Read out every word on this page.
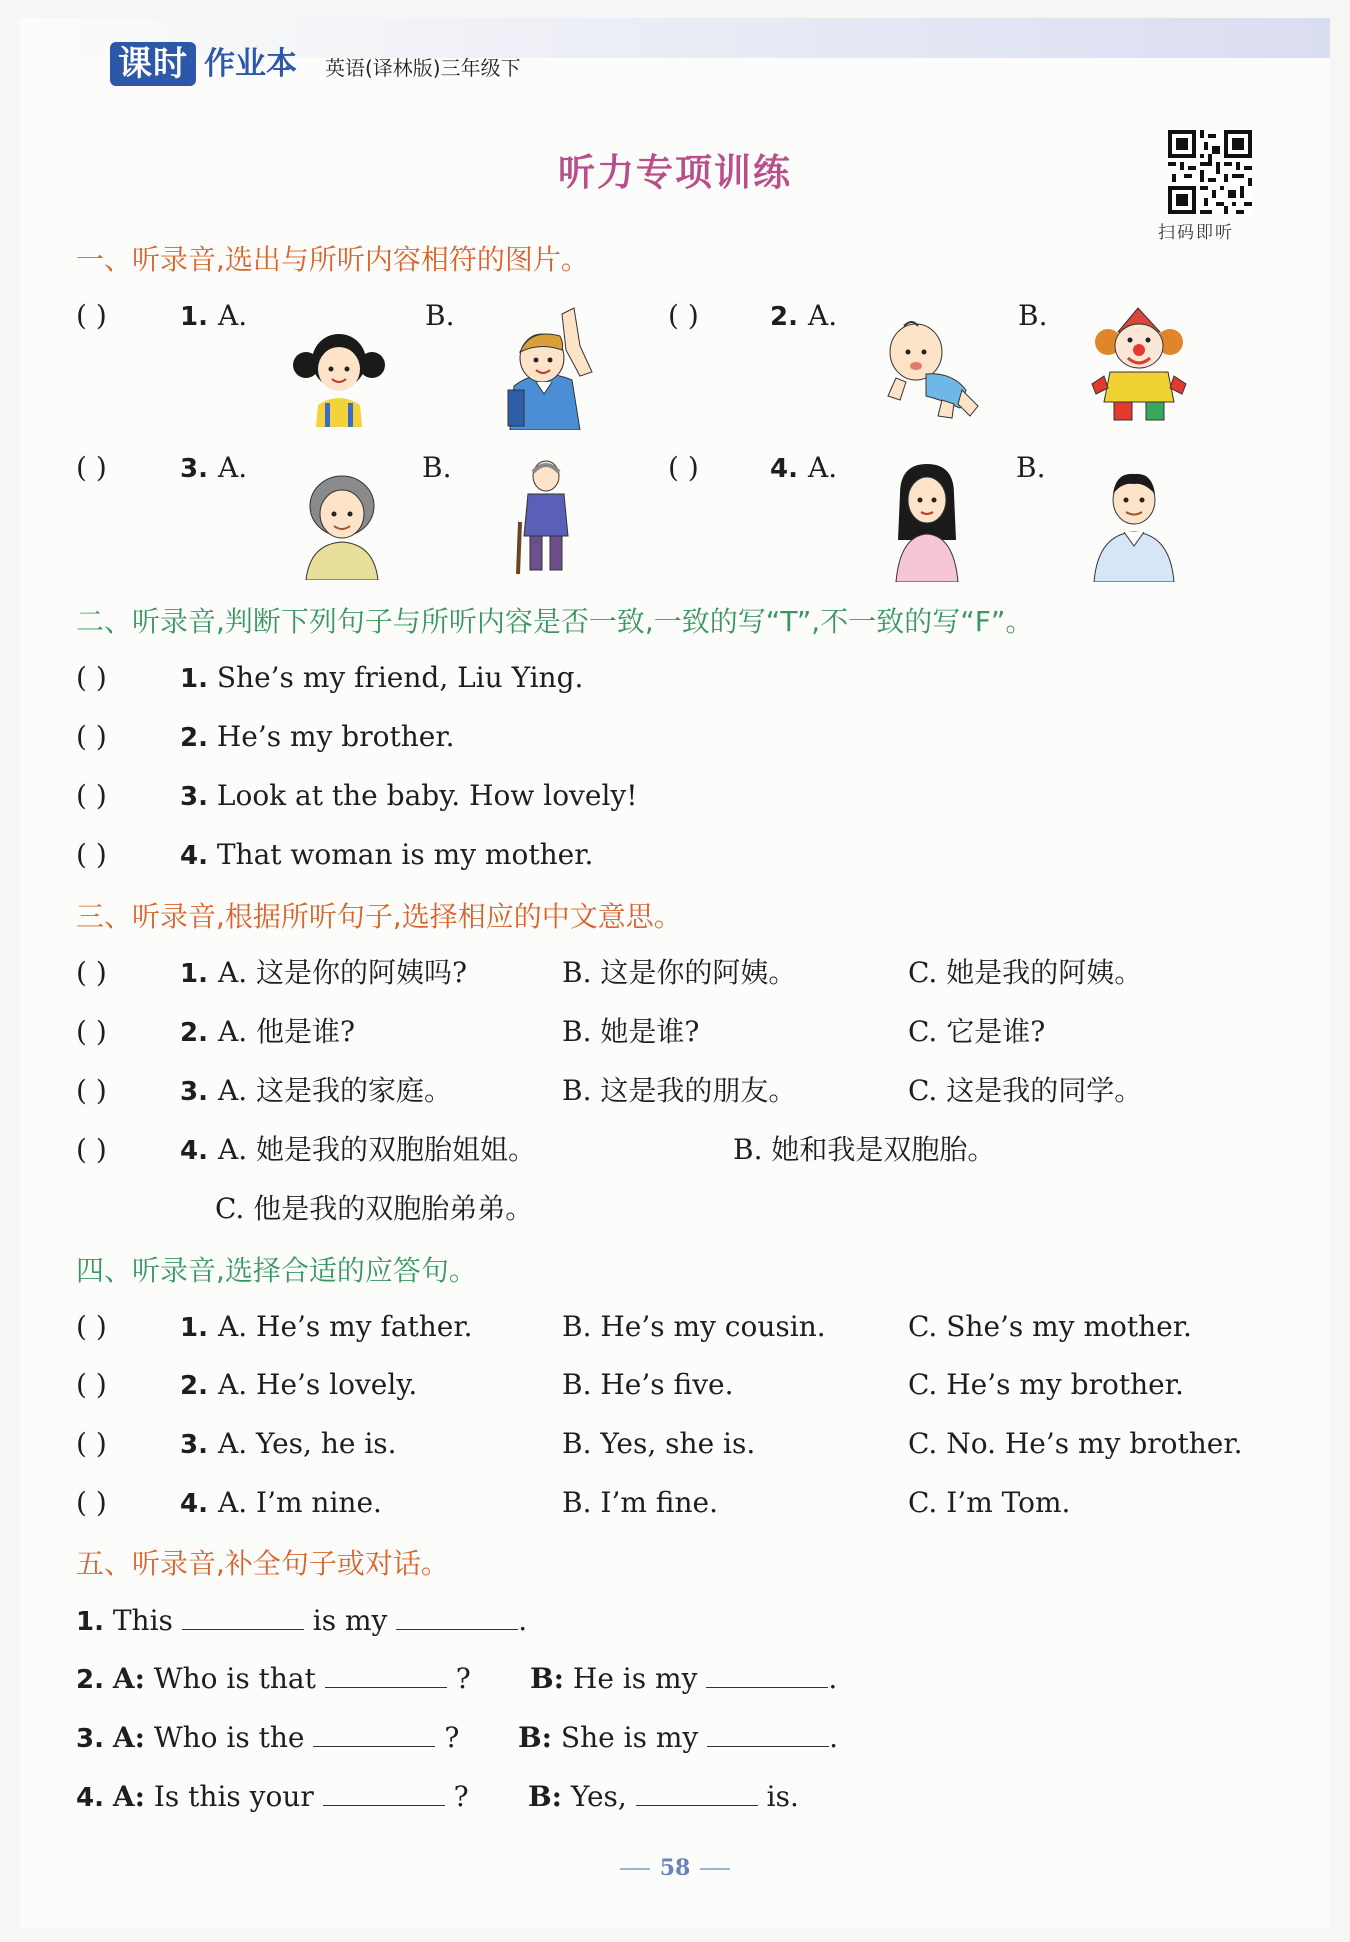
课时 作业本 英语(译林版)三年级下
听力专项训练
扫码即听
一、听录音,选出与所听内容相符的图片。
( )	1. A.	B.	( )	2. A.	B.
( )	3. A.	B.	( )	4. A.	B.
二、听录音,判断下列句子与所听内容是否一致,一致的写“T”,不一致的写“F”。
( )	1. She’s my friend, Liu Ying.
( )	2. He’s my brother.
( )	3. Look at the baby. How lovely!
( )	4. That woman is my mother.
三、听录音,根据所听句子,选择相应的中文意思。
( )	1. A. 这是你的阿姨吗?	B. 这是你的阿姨。	C. 她是我的阿姨。
( )	2. A. 他是谁?	B. 她是谁?	C. 它是谁?
( )	3. A. 这是我的家庭。	B. 这是我的朋友。	C. 这是我的同学。
( )	4. A. 她是我的双胞胎姐姐。	B. 她和我是双胞胎。
C. 他是我的双胞胎弟弟。
四、听录音,选择合适的应答句。
( )	1. A. He’s my father.	B. He’s my cousin.	C. She’s my mother.
( )	2. A. He’s lovely.	B. He’s five.	C. He’s my brother.
( )	3. A. Yes, he is.	B. Yes, she is.	C. No. He’s my brother.
( )	4. A. I’m nine.	B. I’m fine.	C. I’m Tom.
五、听录音,补全句子或对话。
1. This	is my	.
2. A: Who is that	? B: He is my	.
3. A: Who is the	? B: She is my	.
4. A: Is this your	? B: Yes,	is.
58
